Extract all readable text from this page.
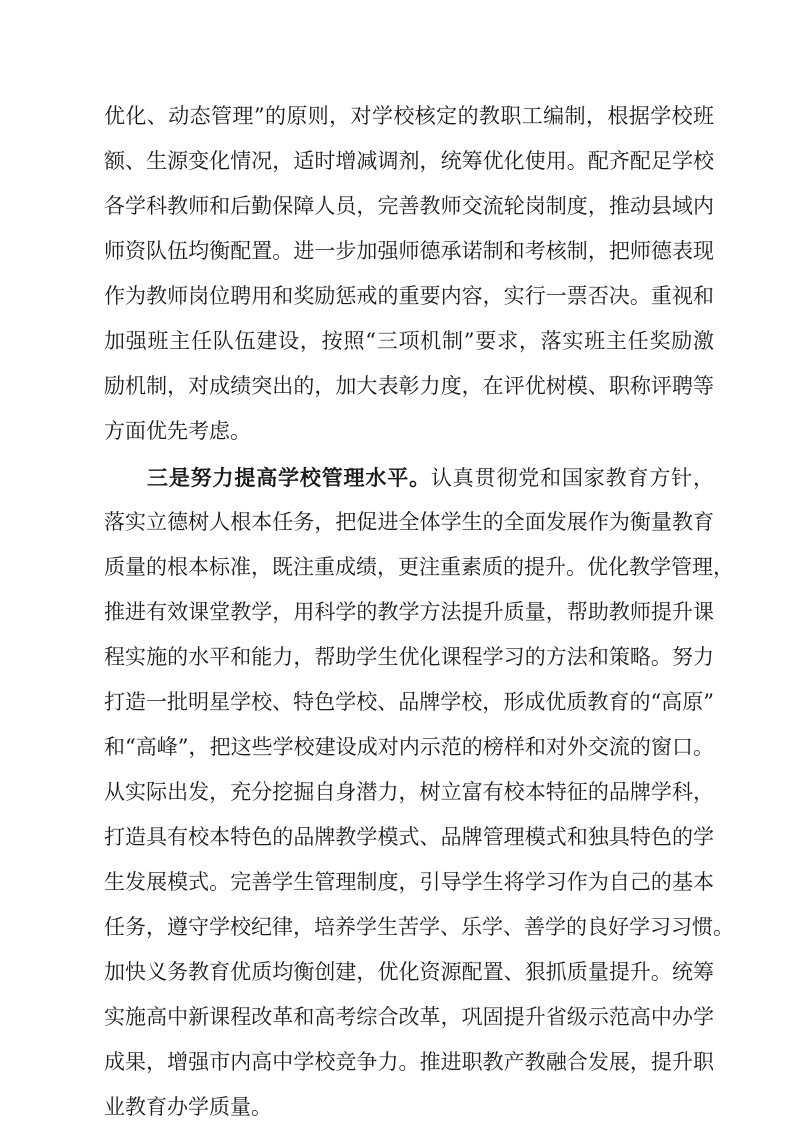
优化、动态管理”的原则，对学校核定的教职工编制，根据学校班
额、生源变化情况，适时增减调剂，统筹优化使用。配齐配足学校
各学科教师和后勤保障人员，完善教师交流轮岗制度，推动县域内
师资队伍均衡配置。进一步加强师德承诺制和考核制，把师德表现
作为教师岗位聘用和奖励惩戒的重要内容，实行一票否决。重视和
加强班主任队伍建设，按照“三项机制”要求，落实班主任奖励激
励机制，对成绩突出的，加大表彰力度，在评优树模、职称评聘等
方面优先考虑。
三是努力提高学校管理水平。认真贯彻党和国家教育方针，
落实立德树人根本任务，把促进全体学生的全面发展作为衡量教育
质量的根本标准，既注重成绩，更注重素质的提升。优化教学管理，
推进有效课堂教学，用科学的教学方法提升质量，帮助教师提升课
程实施的水平和能力，帮助学生优化课程学习的方法和策略。努力
打造一批明星学校、特色学校、品牌学校，形成优质教育的“高原”
和“高峰”，把这些学校建设成对内示范的榜样和对外交流的窗口。
从实际出发，充分挖掘自身潜力，树立富有校本特征的品牌学科，
打造具有校本特色的品牌教学模式、品牌管理模式和独具特色的学
生发展模式。完善学生管理制度，引导学生将学习作为自己的基本
任务，遵守学校纪律，培养学生苦学、乐学、善学的良好学习习惯。
加快义务教育优质均衡创建，优化资源配置、狠抓质量提升。统筹
实施高中新课程改革和高考综合改革，巩固提升省级示范高中办学
成果，增强市内高中学校竞争力。推进职教产教融合发展，提升职
业教育办学质量。
